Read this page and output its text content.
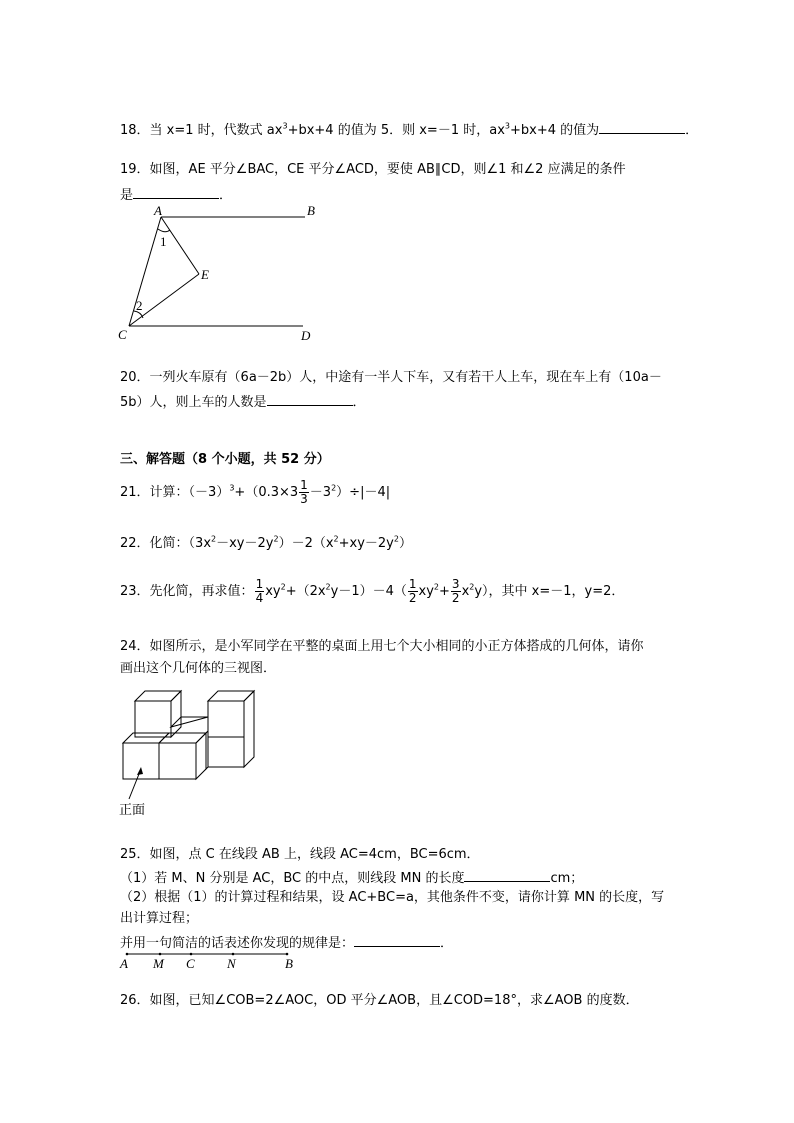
18．当 x=1 时，代数式 $ax^3+bx+4$ 的值为 5．则 x=－1 时，$ax^3+bx+4$ 的值为	．
19．如图，AE 平分∠BAC，CE 平分∠ACD，要使 AB∥CD，则∠1 和∠2 应满足的条件
是	．
A	B
C	D
E
1
2
20．一列火车原有（6a－2b）人，中途有一半人下车，又有若干人上车，现在车上有（10a－
5b）人，则上车的人数是	．
三、解答题（8 个小题，共 52 分）
21．计算：$(-3)^3+(0.3\times 3 \frac{1}{3} -3^2)\div|-4|$
22．化简：$(3x^2-xy-2y^2)-2(x^2+xy-2y^2)$
23．先化简，再求值： $\frac{1}{4} xy^2+(2x^2y-1)-4( \frac{1}{2} xy^2+ \frac{3}{2} x^2y)$，其中 x=－1，y=2．
24．如图所示，是小军同学在平整的桌面上用七个大小相同的小正方体搭成的几何体，请你
画出这个几何体的三视图．
正面
25．如图，点 C 在线段 AB 上，线段 AC=4cm，BC=6cm．
（1）若 M、N 分别是 AC，BC 的中点，则线段 MN 的长度	cm；
（2）根据（1）的计算过程和结果，设 AC+BC=a，其他条件不变，请你计算 MN 的长度，写
出计算过程；
并用一句简洁的话表述你发现的规律是：	．
A M C N	B
26．如图，已知∠COB=2∠AOC，OD 平分∠AOB，且∠COD=18°，求∠AOB 的度数．
